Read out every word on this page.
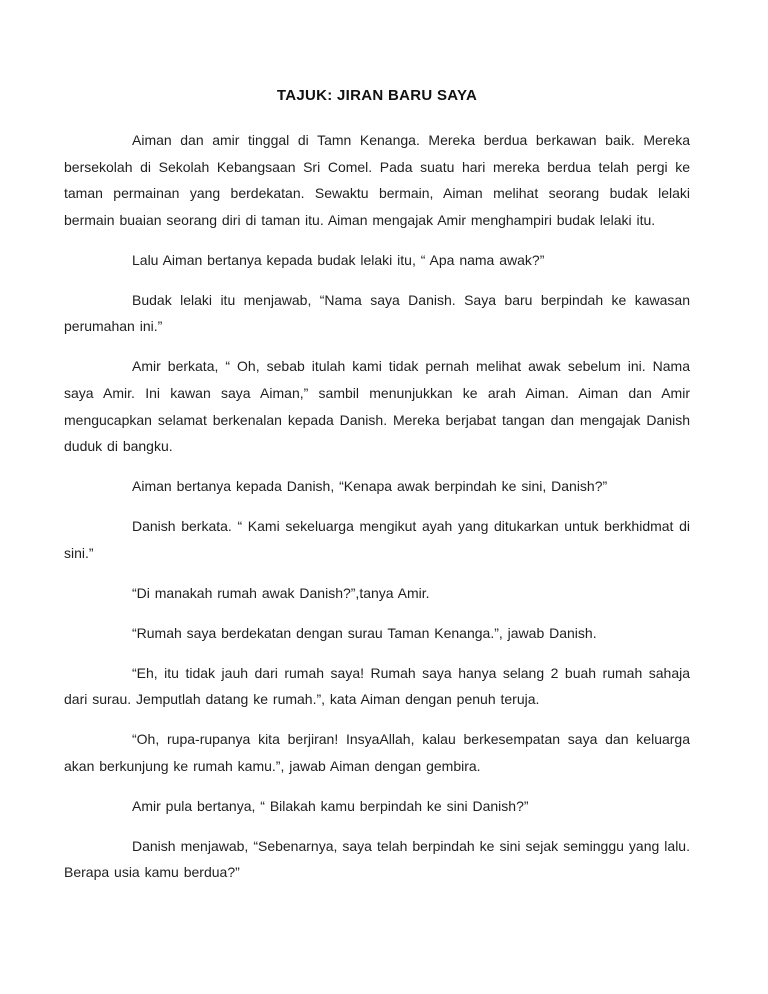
TAJUK: JIRAN BARU SAYA

Aiman dan amir tinggal di Tamn Kenanga. Mereka berdua berkawan baik. Mereka bersekolah di Sekolah Kebangsaan Sri Comel. Pada suatu hari mereka berdua telah pergi ke taman permainan yang berdekatan. Sewaktu bermain, Aiman melihat seorang budak lelaki bermain buaian seorang diri di taman itu. Aiman mengajak Amir menghampiri budak lelaki itu.

Lalu Aiman bertanya kepada budak lelaki itu, “ Apa nama awak?”

Budak lelaki itu menjawab, “Nama saya Danish. Saya baru berpindah ke kawasan perumahan ini.”

Amir berkata, “ Oh, sebab itulah kami tidak pernah melihat awak sebelum ini. Nama saya Amir. Ini kawan saya Aiman,” sambil menunjukkan ke arah Aiman. Aiman dan Amir mengucapkan selamat berkenalan kepada Danish. Mereka berjabat tangan dan mengajak Danish duduk di bangku.

Aiman bertanya kepada Danish, “Kenapa awak berpindah ke sini, Danish?”

Danish berkata. “ Kami sekeluarga mengikut ayah yang ditukarkan untuk berkhidmat di sini.”

“Di manakah rumah awak Danish?”,tanya Amir.

“Rumah saya berdekatan dengan surau Taman Kenanga.”, jawab Danish.

“Eh, itu tidak jauh dari rumah saya! Rumah saya hanya selang 2 buah rumah sahaja dari surau. Jemputlah datang ke rumah.”, kata Aiman dengan penuh teruja.

“Oh, rupa-rupanya kita berjiran! InsyaAllah, kalau berkesempatan saya dan keluarga akan berkunjung ke rumah kamu.”, jawab Aiman dengan gembira.

Amir pula bertanya, “ Bilakah kamu berpindah ke sini Danish?”

Danish menjawab, “Sebenarnya, saya telah berpindah ke sini sejak seminggu yang lalu. Berapa usia kamu berdua?”
